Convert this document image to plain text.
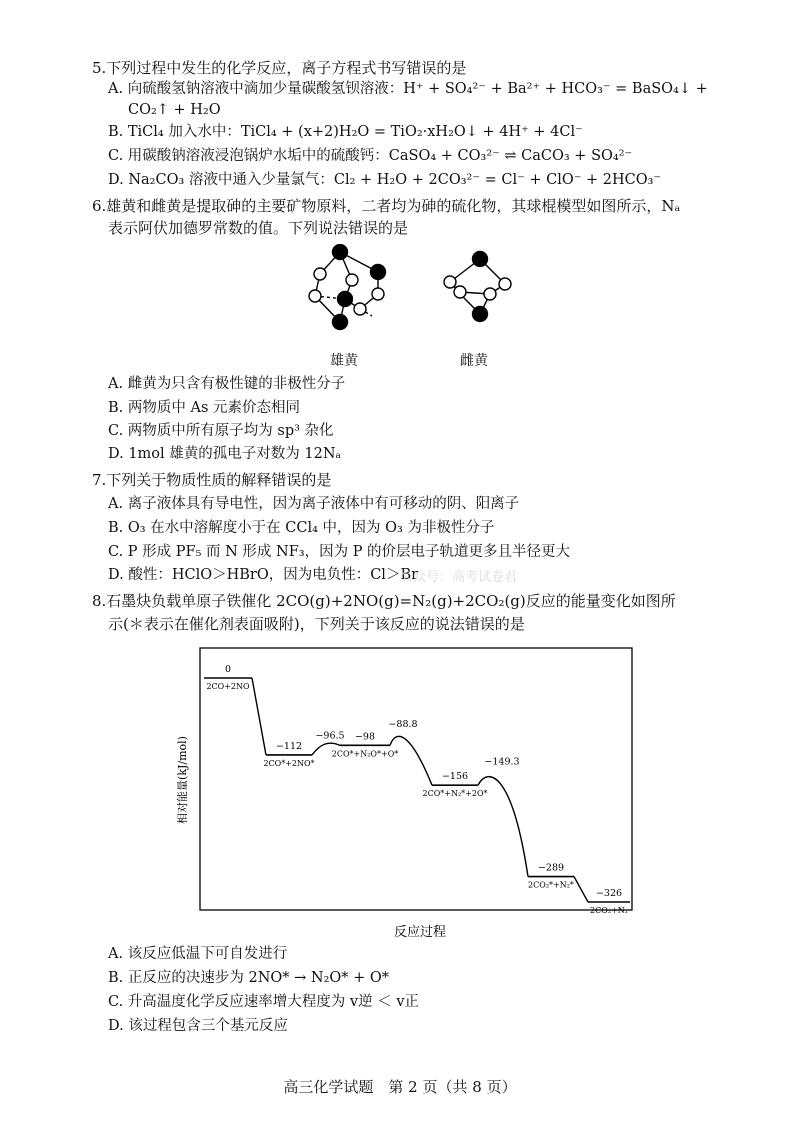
5.下列过程中发生的化学反应，离子方程式书写错误的是
A. 向硫酸氢钠溶液中滴加少量碳酸氢钡溶液：H⁺ + SO₄²⁻ + Ba²⁺ + HCO₃⁻ = BaSO₄↓ +
CO₂↑ + H₂O
B. TiCl₄ 加入水中：TiCl₄ + (x+2)H₂O = TiO₂·xH₂O↓ + 4H⁺ + 4Cl⁻
C. 用碳酸钠溶液浸泡锅炉水垢中的硫酸钙：CaSO₄ + CO₃²⁻ ⇌ CaCO₃ + SO₄²⁻
D. Na₂CO₃ 溶液中通入少量氯气：Cl₂ + H₂O + 2CO₃²⁻ = Cl⁻ + ClO⁻ + 2HCO₃⁻
6.雄黄和雌黄是提取砷的主要矿物原料，二者均为砷的硫化物，其球棍模型如图所示，Nₐ
表示阿伏加德罗常数的值。下列说法错误的是
雄黄	雌黄
A. 雌黄为只含有极性键的非极性分子
B. 两物质中 As 元素价态相同
C. 两物质中所有原子均为 sp³ 杂化
D. 1mol 雄黄的孤电子对数为 12Nₐ
7.下列关于物质性质的解释错误的是
A. 离子液体具有导电性，因为离子液体中有可移动的阴、阳离子
B. O₃ 在水中溶解度小于在 CCl₄ 中，因为 O₃ 为非极性分子
C. P 形成 PF₅ 而 N 形成 NF₃，因为 P 的价层电子轨道更多且半径更大
D. 酸性：HClO＞HBrO，因为电负性：Cl＞Br
公众号：高考试卷君
8.石墨炔负载单原子铁催化 2CO(g)+2NO(g)=N₂(g)+2CO₂(g)反应的能量变化如图所
示(＊表示在催化剂表面吸附)，下列关于该反应的说法错误的是
相对能量(kJ/mol)
反应过程
0
2CO+2NO
−112
2CO*+2NO*
−98
2CO*+N₂O*+O*
−156
2CO*+N₂*+2O*
−289
2CO₂*+N₂*
−326
2CO₂+N₂
−96.5
−88.8
−149.3
A. 该反应低温下可自发进行
B. 正反应的决速步为 2NO* → N₂O* + O*
C. 升高温度化学反应速率增大程度为 v逆 ＜ v正
D. 该过程包含三个基元反应
高三化学试题　第 2 页（共 8 页）
